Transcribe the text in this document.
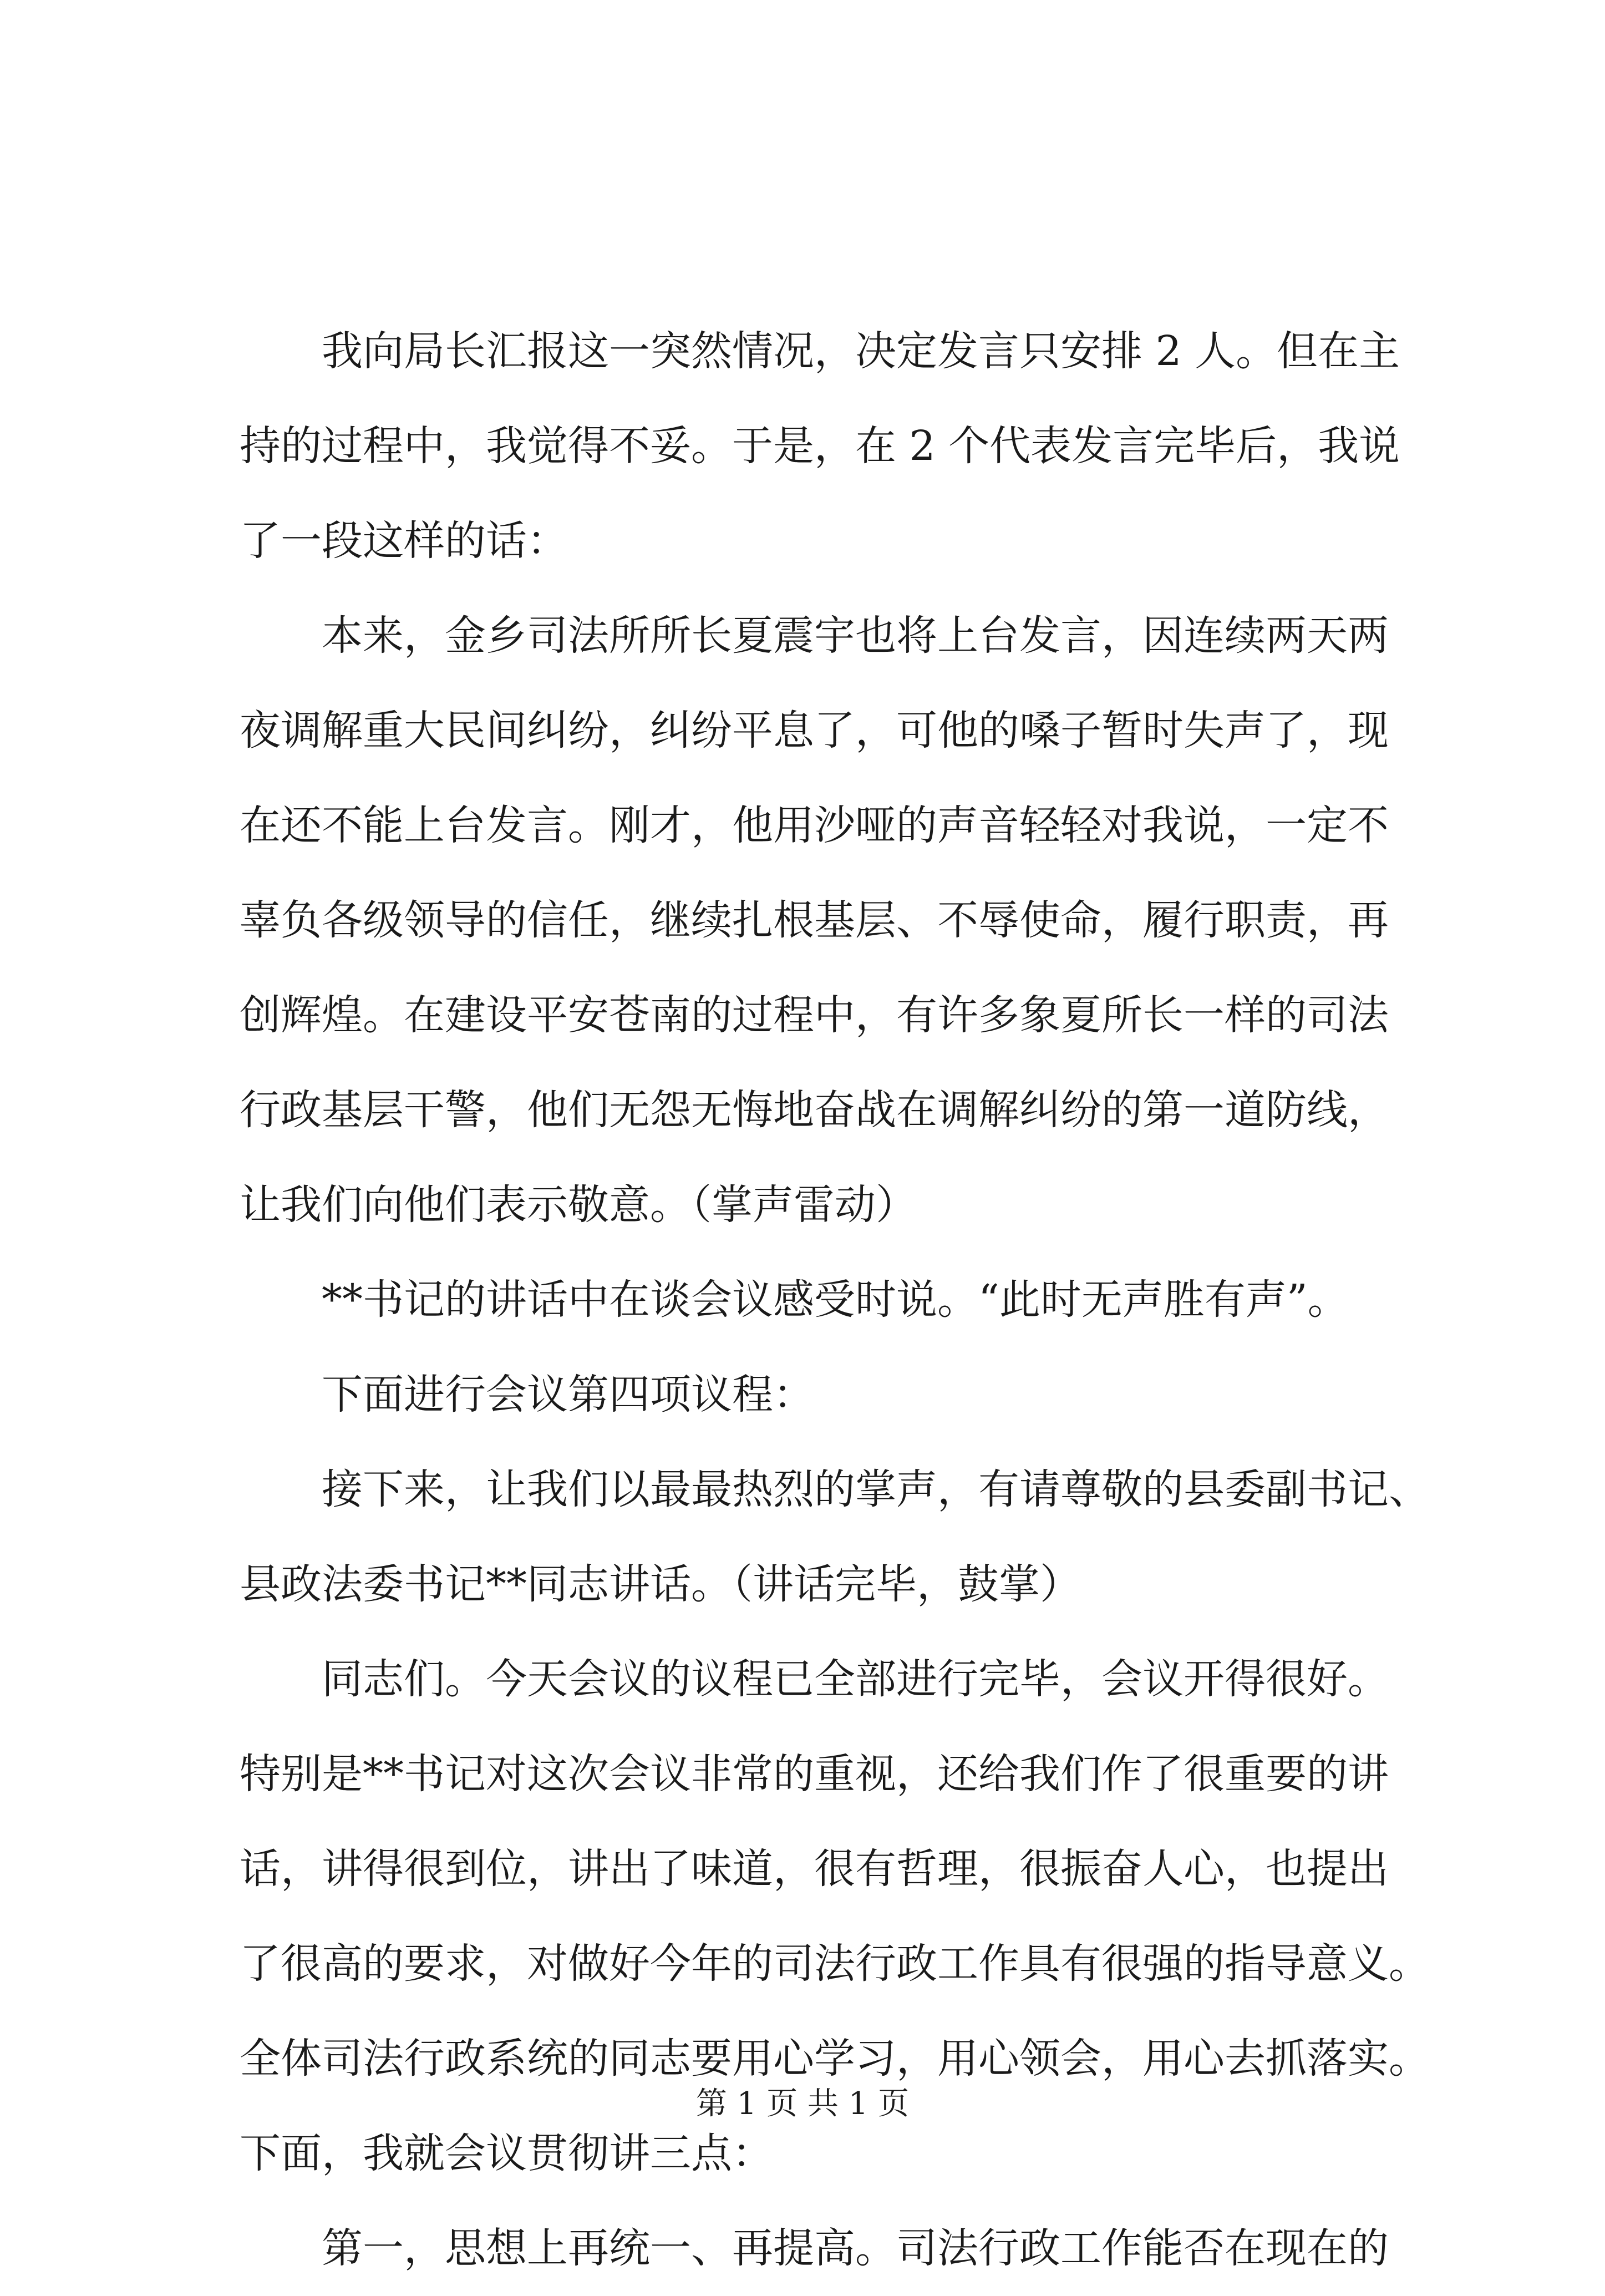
我向局长汇报这一突然情况，决定发言只安排 2 人。但在主
持的过程中，我觉得不妥。于是，在 2 个代表发言完毕后，我说
了一段这样的话：
本来，金乡司法所所长夏震宇也将上台发言，因连续两天两
夜调解重大民间纠纷，纠纷平息了，可他的嗓子暂时失声了，现
在还不能上台发言。刚才，他用沙哑的声音轻轻对我说，一定不
辜负各级领导的信任，继续扎根基层、不辱使命，履行职责，再
创辉煌。在建设平安苍南的过程中，有许多象夏所长一样的司法
行政基层干警，他们无怨无悔地奋战在调解纠纷的第一道防线，
让我们向他们表示敬意。（掌声雷动）
**书记的讲话中在谈会议感受时说。“此时无声胜有声”。
下面进行会议第四项议程：
接下来，让我们以最最热烈的掌声，有请尊敬的县委副书记、
县政法委书记**同志讲话。（讲话完毕，鼓掌）
同志们。今天会议的议程已全部进行完毕，会议开得很好。
特别是**书记对这次会议非常的重视，还给我们作了很重要的讲
话，讲得很到位，讲出了味道，很有哲理，很振奋人心，也提出
了很高的要求，对做好今年的司法行政工作具有很强的指导意义。
全体司法行政系统的同志要用心学习，用心领会，用心去抓落实。
下面，我就会议贯彻讲三点：
第一，思想上再统一、再提高。司法行政工作能否在现在的
第 1 页 共 1 页
